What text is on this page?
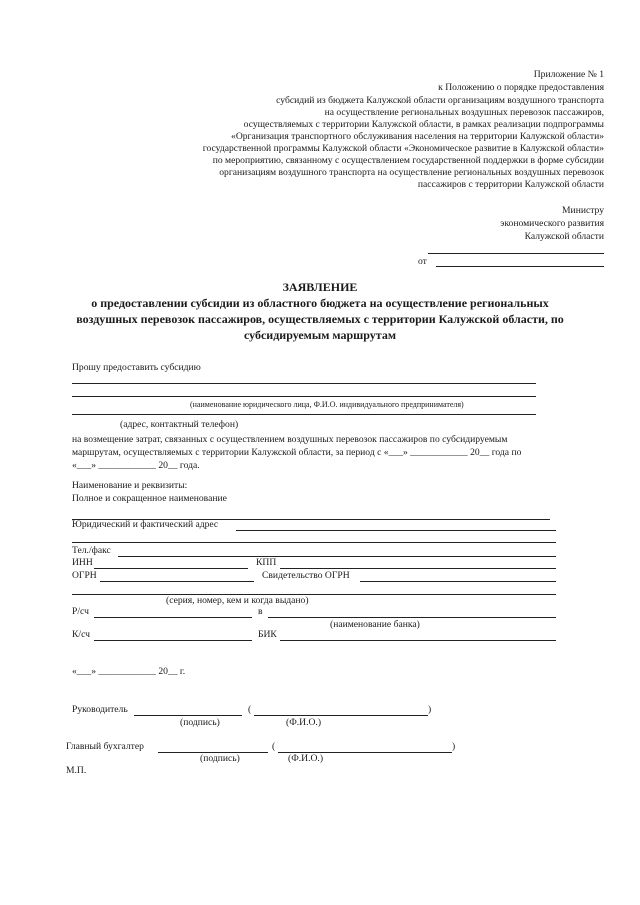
Приложение № 1
к Положению о порядке предоставления
субсидий из бюджета Калужской области организациям воздушного транспорта
на осуществление региональных воздушных перевозок пассажиров,
осуществляемых с территории Калужской области, в рамках реализации подпрограммы
«Организация транспортного обслуживания населения на территории Калужской области»
государственной программы Калужской области «Экономическое развитие в Калужской области»
по мероприятию, связанному с осуществлением государственной поддержки в форме субсидии
организациям воздушного транспорта на осуществление региональных воздушных перевозок
пассажиров с территории Калужской области
Министру
экономического развития
Калужской области
от
ЗАЯВЛЕНИЕ
о предоставлении субсидии из областного бюджета на осуществление региональных
воздушных перевозок пассажиров, осуществляемых с территории Калужской области, по
субсидируемым маршрутам
Прошу предоставить субсидию
(наименование юридического лица, Ф.И.О. индивидуального предпринимателя)
(адрес, контактный телефон)
на возмещение затрат, связанных с осуществлением воздушных перевозок пассажиров по субсидируемым
маршрутам, осуществляемых с территории Калужской области, за период с «___» ____________ 20__ года по
«___» ____________ 20__ года.
Наименование и реквизиты:
Полное и сокращенное наименование
Юридический и фактический адрес
Тел./факс
ИНН	КПП
ОГРН	Свидетельство ОГРН
(серия, номер, кем и когда выдано)
Р/сч	в
(наименование банка)
К/сч	БИК
«___» ____________ 20__ г.
Руководитель	(	)
(подпись)	(Ф.И.О.)
Главный бухгалтер	(	)
(подпись)	(Ф.И.О.)
М.П.
